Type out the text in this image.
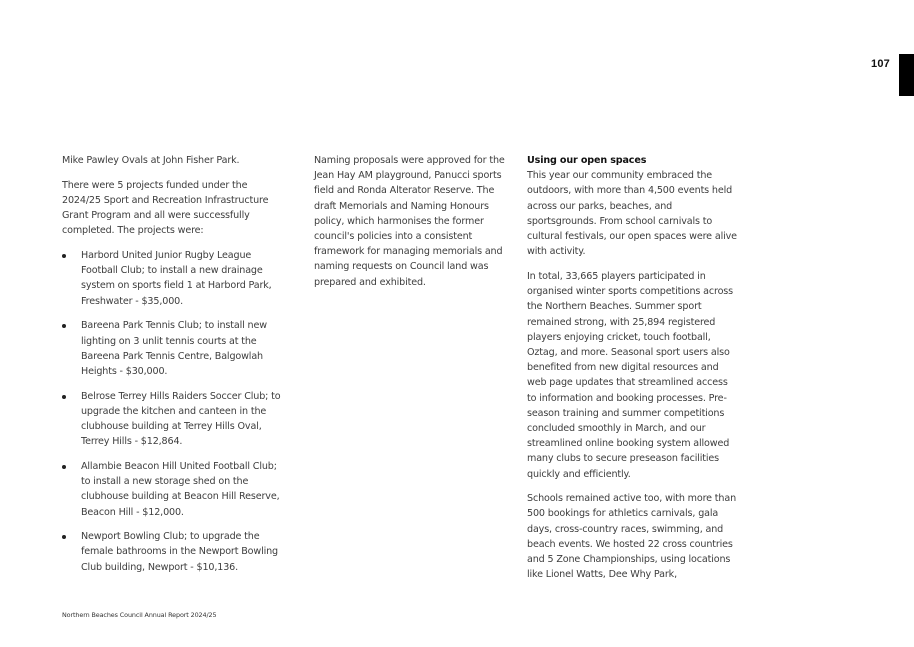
107

Mike Pawley Ovals at John Fisher Park.

There were 5 projects funded under the 2024/25 Sport and Recreation Infrastructure Grant Program and all were successfully completed. The projects were:

Harbord United Junior Rugby League Football Club; to install a new drainage system on sports field 1 at Harbord Park, Freshwater - $35,000.
Bareena Park Tennis Club; to install new lighting on 3 unlit tennis courts at the Bareena Park Tennis Centre, Balgowlah Heights - $30,000.
Belrose Terrey Hills Raiders Soccer Club; to upgrade the kitchen and canteen in the clubhouse building at Terrey Hills Oval, Terrey Hills - $12,864.
Allambie Beacon Hill United Football Club; to install a new storage shed on the clubhouse building at Beacon Hill Reserve, Beacon Hill - $12,000.
Newport Bowling Club; to upgrade the female bathrooms in the Newport Bowling Club building, Newport - $10,136.

Naming proposals were approved for the Jean Hay AM playground, Panucci sports field and Ronda Alterator Reserve. The draft Memorials and Naming Honours policy, which harmonises the former council's policies into a consistent framework for managing memorials and naming requests on Council land was prepared and exhibited.

Using our open spaces
This year our community embraced the outdoors, with more than 4,500 events held across our parks, beaches, and sportsgrounds. From school carnivals to cultural festivals, our open spaces were alive with activity.

In total, 33,665 players participated in organised winter sports competitions across the Northern Beaches. Summer sport remained strong, with 25,894 registered players enjoying cricket, touch football, Oztag, and more. Seasonal sport users also benefited from new digital resources and web page updates that streamlined access to information and booking processes. Pre-season training and summer competitions concluded smoothly in March, and our streamlined online booking system allowed many clubs to secure preseason facilities quickly and efficiently.

Schools remained active too, with more than 500 bookings for athletics carnivals, gala days, cross-country races, swimming, and beach events. We hosted 22 cross countries and 5 Zone Championships, using locations like Lionel Watts, Dee Why Park,

Northern Beaches Council Annual Report 2024/25
